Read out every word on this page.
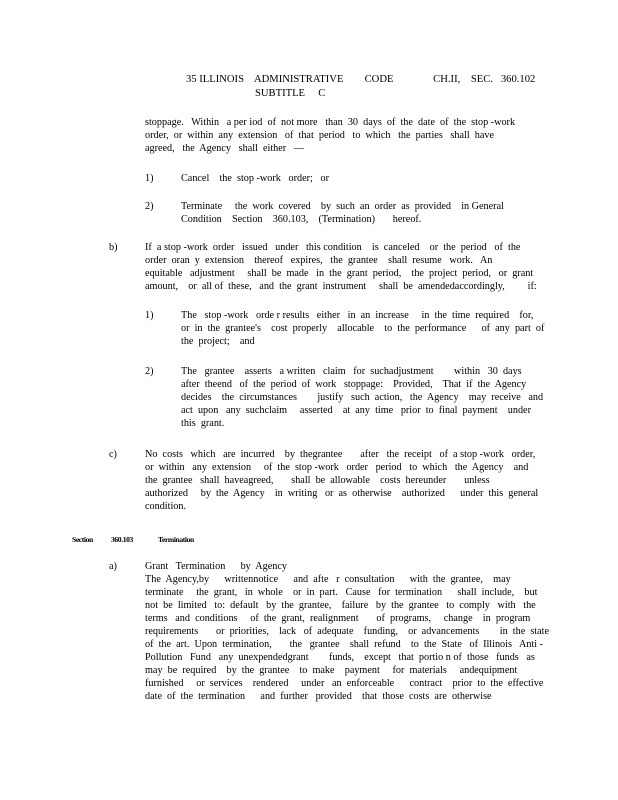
35 ILLINOIS    ADMINISTRATIVE        CODE               CH.II,    SEC.   360.102
SUBTITLE     C
stoppage.   Within   a per iod  of  not more   than  30  days  of  the  date  of  the  stop -work
order,  or  within  any  extension   of  that  period   to  which   the  parties   shall  have
agreed,   the  Agency   shall  either   —
1)	Cancel    the  stop -work   order;   or
2)	Terminate     the  work  covered    by  such  an  order  as  provided    in General
Condition    Section    360.103,    (Termination)       hereof.
b)	If  a stop -work  order   issued   under   this condition    is  canceled    or  the  period   of  the
order  oran  y  extension    thereof   expires,   the  grantee    shall  resume   work.   An
equitable   adjustment     shall  be  made   in  the  grant  period,    the  project  period,   or  grant
amount,    or  all of  these,   and  the  grant  instrument     shall  be  amendedaccordingly,         if:
1)	The   stop -work   orde r results   either   in  an  increase     in  the  time  required    for,
or  in  the  grantee's    cost  properly    allocable    to  the  performance      of  any  part  of
the  project;    and
2)	The   grantee    asserts   a written   claim   for  suchadjustment        within   30  days
after  theend   of  the  period  of  work   stoppage:    Provided,    That  if  the  Agency
decides    the  circumstances        justify   such  action,   the  Agency    may  receive   and
act  upon   any  suchclaim     asserted    at  any  time   prior  to  final  payment    under
this  grant.
c)	No  costs   which   are  incurred    by  thegrantee       after   the  receipt   of  a stop -work   order,
or  within   any  extension     of  the  stop -work   order   period   to  which   the  Agency    and
the  grantee   shall  haveagreed,       shall  be  allowable    costs  hereunder       unless
authorized     by  the  Agency    in  writing   or  as  otherwise    authorized      under  this  general
condition.
Section 360.103	Termination
a)	Grant   Termination      by  Agency
The  Agency,by      writtennotice      and  afte   r  consultation      with  the  grantee,    may
terminate     the  grant,   in  whole    or  in  part.   Cause   for  termination      shall  include,    but
not  be  limited   to:  default   by  the  grantee,    failure   by  the  grantee   to  comply   with   the
terms   and  conditions     of  the  grant,  realignment       of  programs,     change    in  program
requirements       or  priorities,    lack   of  adequate    funding,    or  advancements        in  the  state
of  the  art.  Upon  termination,       the   grantee    shall  refund    to  the  State   of  Illinois   Anti -
Pollution   Fund   any  unexpendedgrant        funds,    except   that  portio n of  those   funds   as
may  be  required    by  the  grantee    to  make    payment     for  materials     andequipment
furnished     or  services    rendered     under   an  enforceable      contract    prior  to  the  effective
date  of  the  termination      and  further   provided    that  those  costs  are  otherwise
